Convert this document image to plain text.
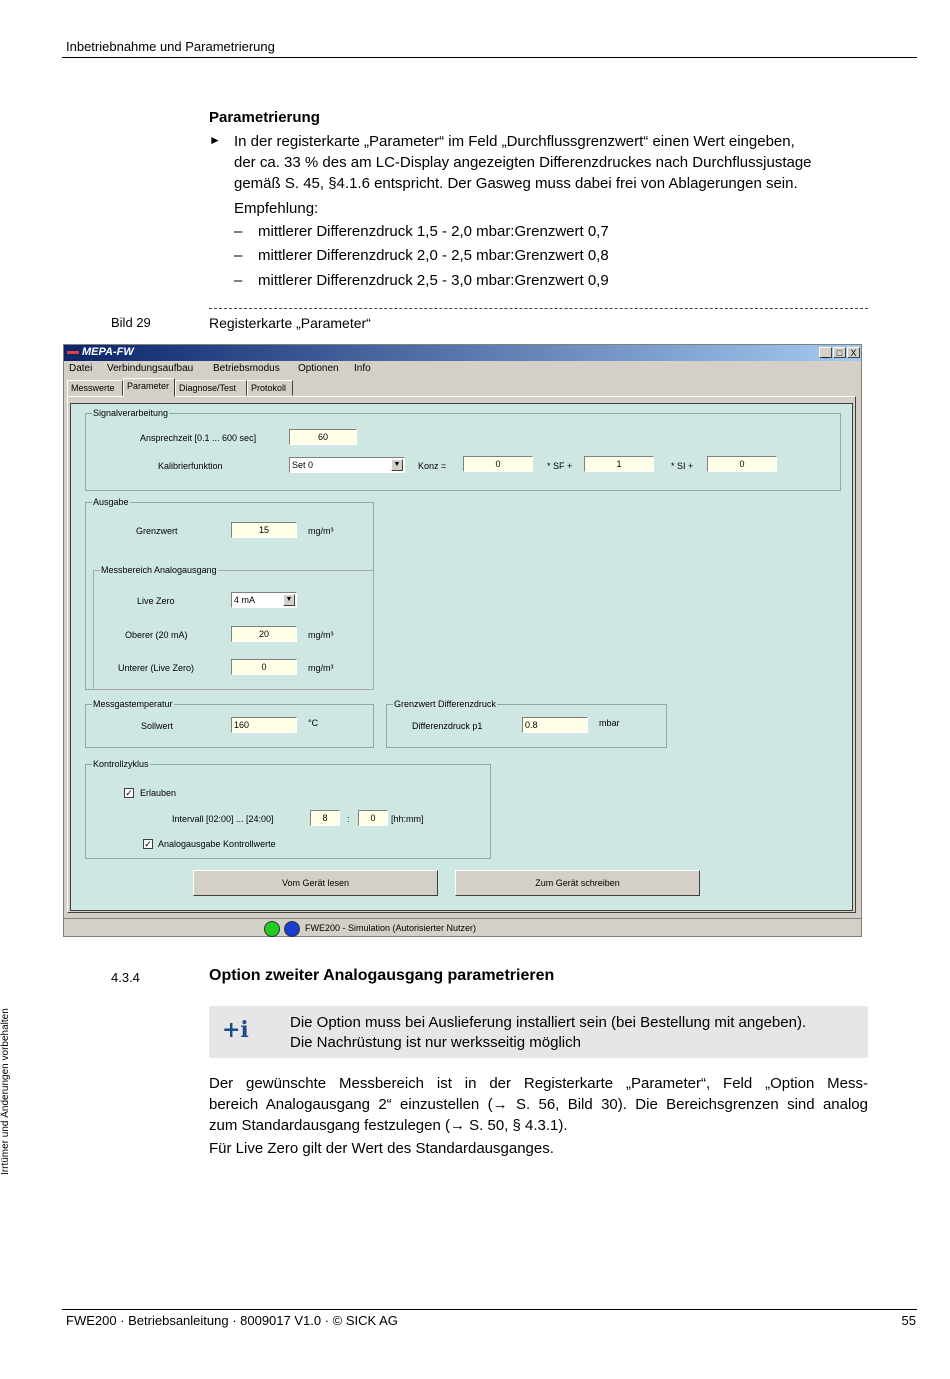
Inbetriebnahme und Parametrierung
Parametrierung
► In der registerkarte „Parameter“ im Feld „Durchflussgrenzwert“ einen Wert eingeben,
der ca. 33 % des am LC-Display angezeigten Differenzdruckes nach Durchflussjustage
gemäß S. 45, §4.1.6 entspricht. Der Gasweg muss dabei frei von Ablagerungen sein.
Empfehlung:
– mittlerer Differenzdruck 1,5 - 2,0 mbar:Grenzwert 0,7
– mittlerer Differenzdruck 2,0 - 2,5 mbar:Grenzwert 0,8
– mittlerer Differenzdruck 2,5 - 3,0 mbar:Grenzwert 0,9
Bild 29	Registerkarte „Parameter“
MEPA-FW	_ □ X
Datei Verbindungsaufbau Betriebsmodus Optionen Info
Messwerte	Parameter	Diagnose/Test	Protokoll
Signalverarbeitung
Ansprechzeit [0.1 ... 600 sec]	60
Kalibrierfunktion	Set 0	▼ Konz =	0	* SF +	1	* SI +	0
Ausgabe
Grenzwert	15	mg/m³
Messbereich Analogausgang
Live Zero	4 mA	▼
Oberer (20 mA)	20	mg/m³
Unterer (Live Zero)	0	mg/m³
Messgastemperatur
Sollwert	160	°C
Grenzwert Differenzdruck
Differenzdruck p1	0.8	mbar
Kontrollzyklus
✓ Erlauben
Intervall [02:00] ... [24:00]	8	:	0	[hh:mm]
✓ Analogausgabe Kontrollwerte
Vom Gerät lesen	Zum Gerät schreiben
FWE200 - Simulation (Autorisierter Nutzer)
4.3.4	Option zweiter Analogausgang parametrieren
+i	Die Option muss bei Auslieferung installiert sein (bei Bestellung mit angeben).
Die Nachrüstung ist nur werksseitig möglich
Der gewünschte Messbereich ist in der Registerkarte „Parameter“, Feld „Option Mess-
bereich Analogausgang 2“ einzustellen (→ S. 56, Bild 30). Die Bereichsgrenzen sind analog
zum Standardausgang festzulegen (→ S. 50, § 4.3.1).
Für Live Zero gilt der Wert des Standardausganges.
Irrtümer und Änderungen vorbehalten
FWE200 · Betriebsanleitung · 8009017 V1.0 · © SICK AG	55
